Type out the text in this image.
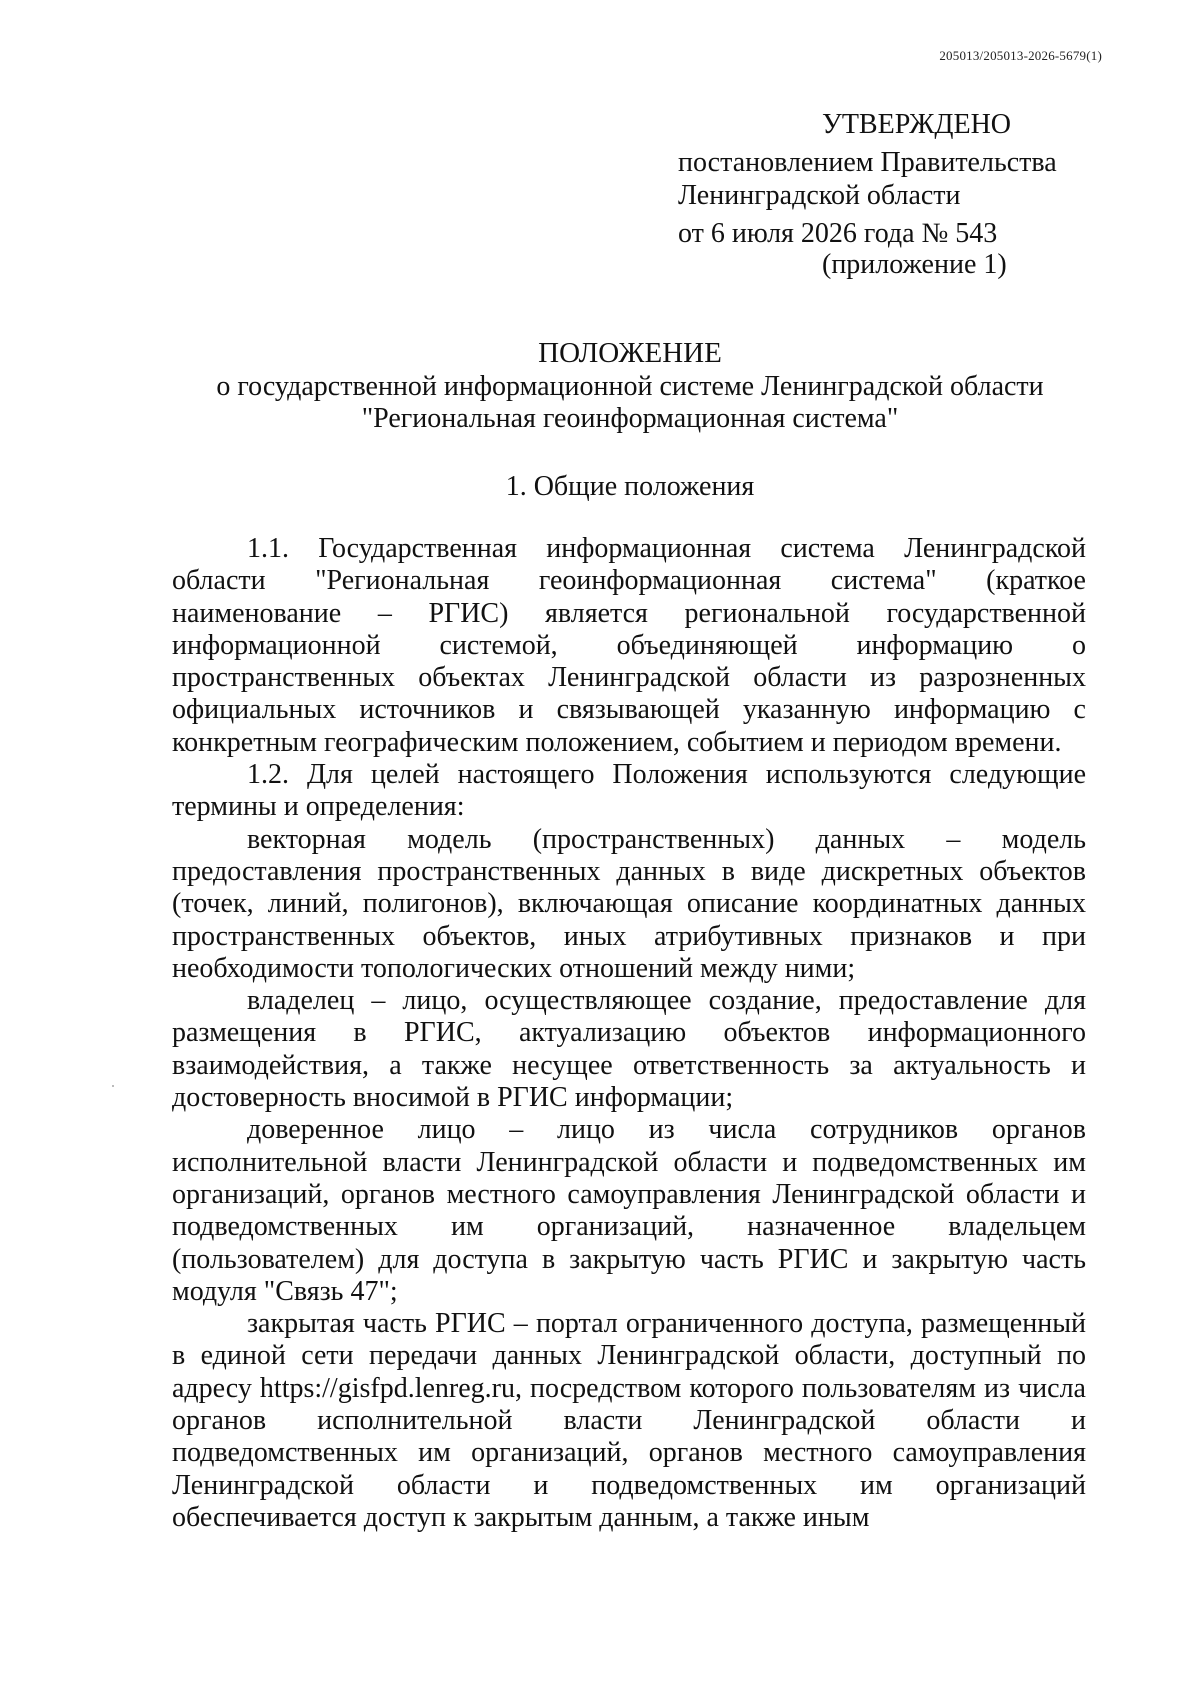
205013/205013-2026-5679(1)
УТВЕРЖДЕНО
постановлением Правительства
Ленинградской области
от 6 июля 2026 года № 543
(приложение 1)
ПОЛОЖЕНИЕ
о государственной информационной системе Ленинградской области
"Региональная геоинформационная система"
1. Общие положения

1.1. Государственная информационная система Ленинградской области "Региональная геоинформационная система" (краткое наименование – РГИС) является региональной государственной информационной системой, объединяющей информацию о пространственных объектах Ленинградской области из разрозненных официальных источников и связывающей указанную информацию с конкретным географическим положением, событием и периодом времени.

1.2. Для целей настоящего Положения используются следующие термины и определения:

векторная модель (пространственных) данных – модель предоставления пространственных данных в виде дискретных объектов (точек, линий, полигонов), включающая описание координатных данных пространственных объектов, иных атрибутивных признаков и при необходимости топологических отношений между ними;

владелец – лицо, осуществляющее создание, предоставление для размещения в РГИС, актуализацию объектов информационного взаимодействия, а также несущее ответственность за актуальность и достоверность вносимой в РГИС информации;

доверенное лицо – лицо из числа сотрудников органов исполнительной власти Ленинградской области и подведомственных им организаций, органов местного самоуправления Ленинградской области и подведомственных им организаций, назначенное владельцем (пользователем) для доступа в закрытую часть РГИС и закрытую часть модуля "Связь 47";

закрытая часть РГИС – портал ограниченного доступа, размещенный в единой сети передачи данных Ленинградской области, доступный по адресу https://gisfpd.lenreg.ru, посредством которого пользователям из числа органов исполнительной власти Ленинградской области и подведомственных им организаций, органов местного самоуправления Ленинградской области и подведомственных им организаций обеспечивается доступ к закрытым данным, а также иным
